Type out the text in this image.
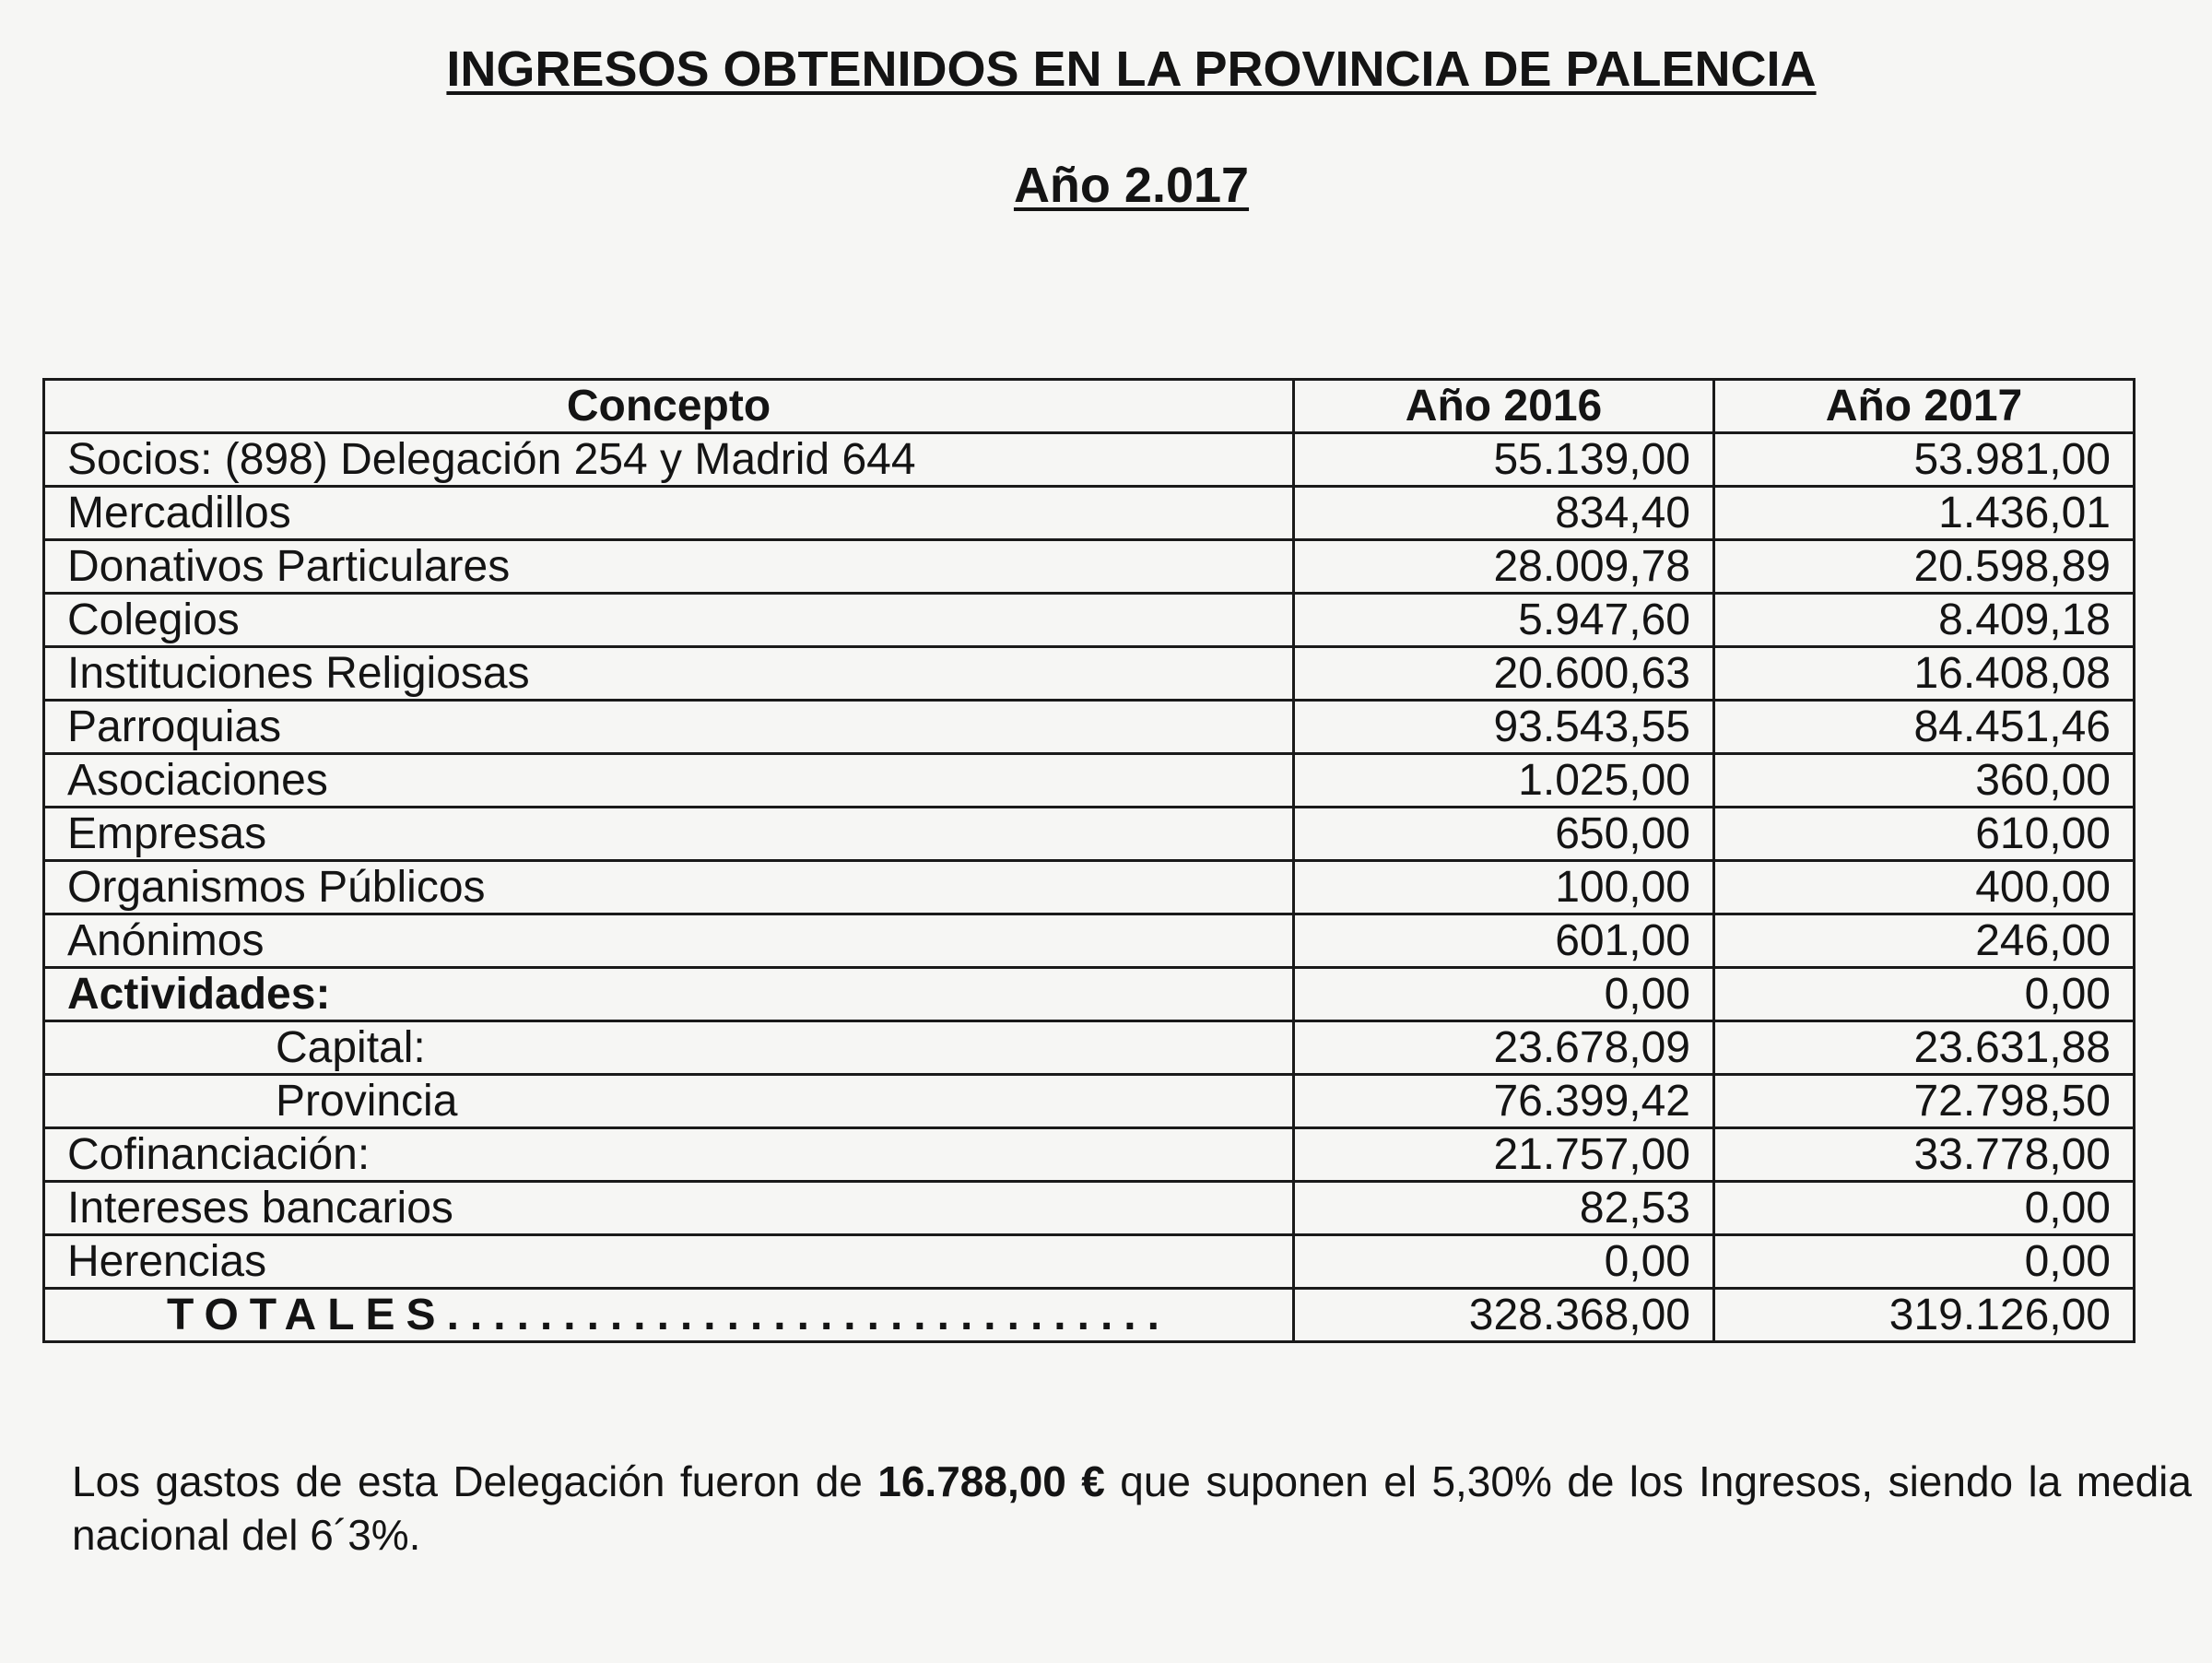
INGRESOS OBTENIDOS EN LA PROVINCIA DE PALENCIA
Año 2.017
Concepto	Año 2016	Año 2017
Socios: (898) Delegación 254 y Madrid 644	55.139,00	53.981,00
Mercadillos	834,40	1.436,01
Donativos Particulares	28.009,78	20.598,89
Colegios	5.947,60	8.409,18
Instituciones Religiosas	20.600,63	16.408,08
Parroquias	93.543,55	84.451,46
Asociaciones	1.025,00	360,00
Empresas	650,00	610,00
Organismos Públicos	100,00	400,00
Anónimos	601,00	246,00
Actividades:	0,00	0,00
Capital:	23.678,09	23.631,88
Provincia	76.399,42	72.798,50
Cofinanciación:	21.757,00	33.778,00
Intereses bancarios	82,53	0,00
Herencias	0,00	0,00
TOTALES...............................	328.368,00	319.126,00

Los gastos de esta Delegación fueron de 16.788,00 € que suponen el 5,30% de los Ingresos, siendo la media nacional del 6´3%.
